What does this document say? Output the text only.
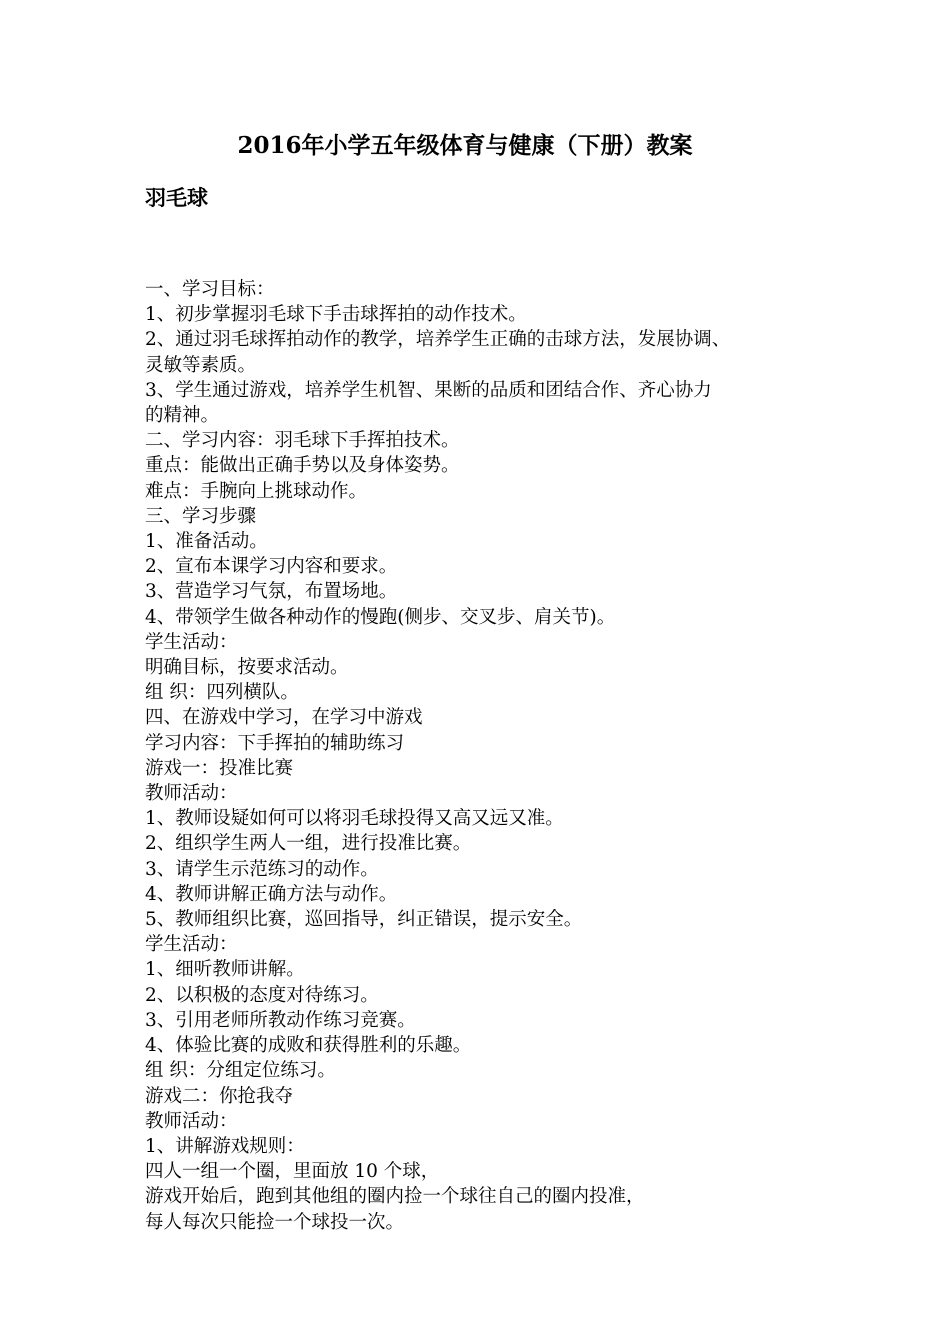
2016年小学五年级体育与健康（下册）教案
羽毛球
一、学习目标：
1、初步掌握羽毛球下手击球挥拍的动作技术。
2、通过羽毛球挥拍动作的教学，培养学生正确的击球方法，发展协调、
灵敏等素质。
3、学生通过游戏，培养学生机智、果断的品质和团结合作、齐心协力
的精神。
二、学习内容：羽毛球下手挥拍技术。
重点：能做出正确手势以及身体姿势。
难点：手腕向上挑球动作。
三、学习步骤
1、准备活动。
2、宣布本课学习内容和要求。
3、营造学习气氛，布置场地。
4、带领学生做各种动作的慢跑(侧步、交叉步、肩关节)。
学生活动：
明确目标，按要求活动。
组 织：四列横队。
四、在游戏中学习，在学习中游戏
学习内容：下手挥拍的辅助练习
游戏一：投准比赛
教师活动：
1、教师设疑如何可以将羽毛球投得又高又远又准。
2、组织学生两人一组，进行投准比赛。
3、请学生示范练习的动作。
4、教师讲解正确方法与动作。
5、教师组织比赛，巡回指导，纠正错误，提示安全。
学生活动：
1、细听教师讲解。
2、以积极的态度对待练习。
3、引用老师所教动作练习竞赛。
4、体验比赛的成败和获得胜利的乐趣。
组 织：分组定位练习。
游戏二：你抢我夺
教师活动：
1、讲解游戏规则：
四人一组一个圈，里面放 10 个球，
游戏开始后，跑到其他组的圈内捡一个球往自己的圈内投准，
每人每次只能捡一个球投一次。
